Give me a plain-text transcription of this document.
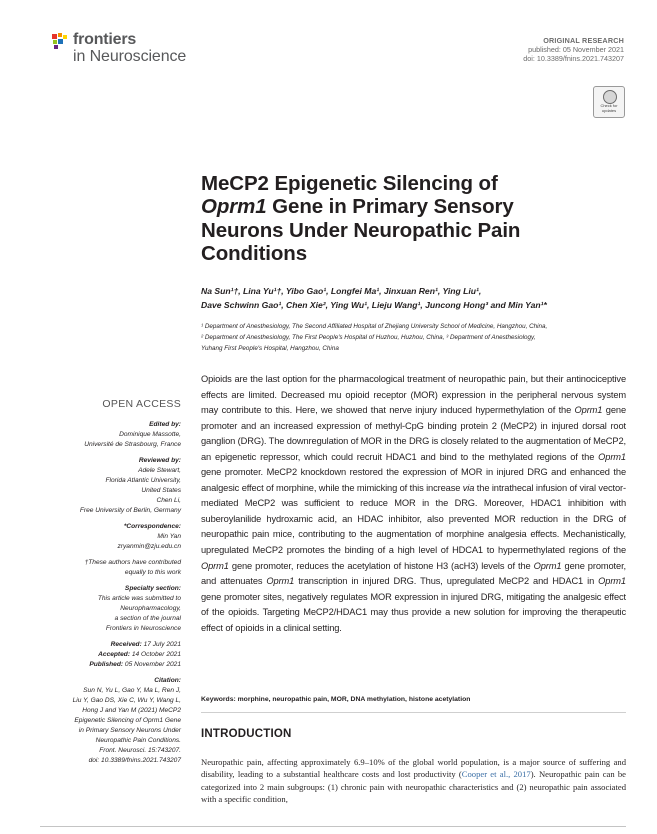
frontiers
in Neuroscience
ORIGINAL RESEARCH
published: 05 November 2021
doi: 10.3389/fnins.2021.743207
Check for
updates
MeCP2 Epigenetic Silencing of
Oprm1 Gene in Primary Sensory
Neurons Under Neuropathic Pain
Conditions
Na Sun¹†, Lina Yu¹†, Yibo Gao¹, Longfei Ma¹, Jinxuan Ren¹, Ying Liu¹,
Dave Schwinn Gao¹, Chen Xie², Ying Wu¹, Lieju Wang¹, Juncong Hong³ and Min Yan¹*
¹ Department of Anesthesiology, The Second Affiliated Hospital of Zhejiang University School of Medicine, Hangzhou, China,
² Department of Anesthesiology, The First People's Hospital of Huzhou, Huzhou, China, ³ Department of Anesthesiology,
Yuhang First People's Hospital, Hangzhou, China
OPEN ACCESS
Edited by:
Dominique Massotte,
Université de Strasbourg, France
Reviewed by:
Adele Stewart,
Florida Atlantic University,
United States
Chen Li,
Free University of Berlin, Germany
*Correspondence:
Min Yan
zryanmin@zju.edu.cn
†These authors have contributed
equally to this work
Specialty section:
This article was submitted to
Neuropharmacology,
a section of the journal
Frontiers in Neuroscience
Received: 17 July 2021
Accepted: 14 October 2021
Published: 05 November 2021
Citation:
Sun N, Yu L, Gao Y, Ma L, Ren J,
Liu Y, Gao DS, Xie C, Wu Y, Wang L,
Hong J and Yan M (2021) MeCP2
Epigenetic Silencing of Oprm1 Gene
in Primary Sensory Neurons Under
Neuropathic Pain Conditions.
Front. Neurosci. 15:743207.
doi: 10.3389/fnins.2021.743207
Opioids are the last option for the pharmacological treatment of neuropathic pain, but their antinociceptive effects are limited. Decreased mu opioid receptor (MOR) expression in the peripheral nervous system may contribute to this. Here, we showed that nerve injury induced hypermethylation of the Oprm1 gene promoter and an increased expression of methyl-CpG binding protein 2 (MeCP2) in injured dorsal root ganglion (DRG). The downregulation of MOR in the DRG is closely related to the augmentation of MeCP2, an epigenetic repressor, which could recruit HDAC1 and bind to the methylated regions of the Oprm1 gene promoter. MeCP2 knockdown restored the expression of MOR in injured DRG and enhanced the analgesic effect of morphine, while the mimicking of this increase via the intrathecal infusion of viral vector-mediated MeCP2 was sufficient to reduce MOR in the DRG. Moreover, HDAC1 inhibition with suberoylanilide hydroxamic acid, an HDAC inhibitor, also prevented MOR reduction in the DRG of neuropathic pain mice, contributing to the augmentation of morphine analgesia effects. Mechanistically, upregulated MeCP2 promotes the binding of a high level of HDCA1 to hypermethylated regions of the Oprm1 gene promoter, reduces the acetylation of histone H3 (acH3) levels of the Oprm1 gene promoter, and attenuates Oprm1 transcription in injured DRG. Thus, upregulated MeCP2 and HDAC1 in Oprm1 gene promoter sites, negatively regulates MOR expression in injured DRG, mitigating the analgesic effect of the opioids. Targeting MeCP2/HDAC1 may thus provide a new solution for improving the therapeutic effect of opioids in a clinical setting.
Keywords: morphine, neuropathic pain, MOR, DNA methylation, histone acetylation
INTRODUCTION
Neuropathic pain, affecting approximately 6.9–10% of the global world population, is a major source of suffering and disability, leading to a substantial healthcare costs and lost productivity (Cooper et al., 2017). Neuropathic pain can be categorized into 2 main subgroups: (1) chronic pain with neuropathic characteristics and (2) neuropathic pain associated with a specific condition,
